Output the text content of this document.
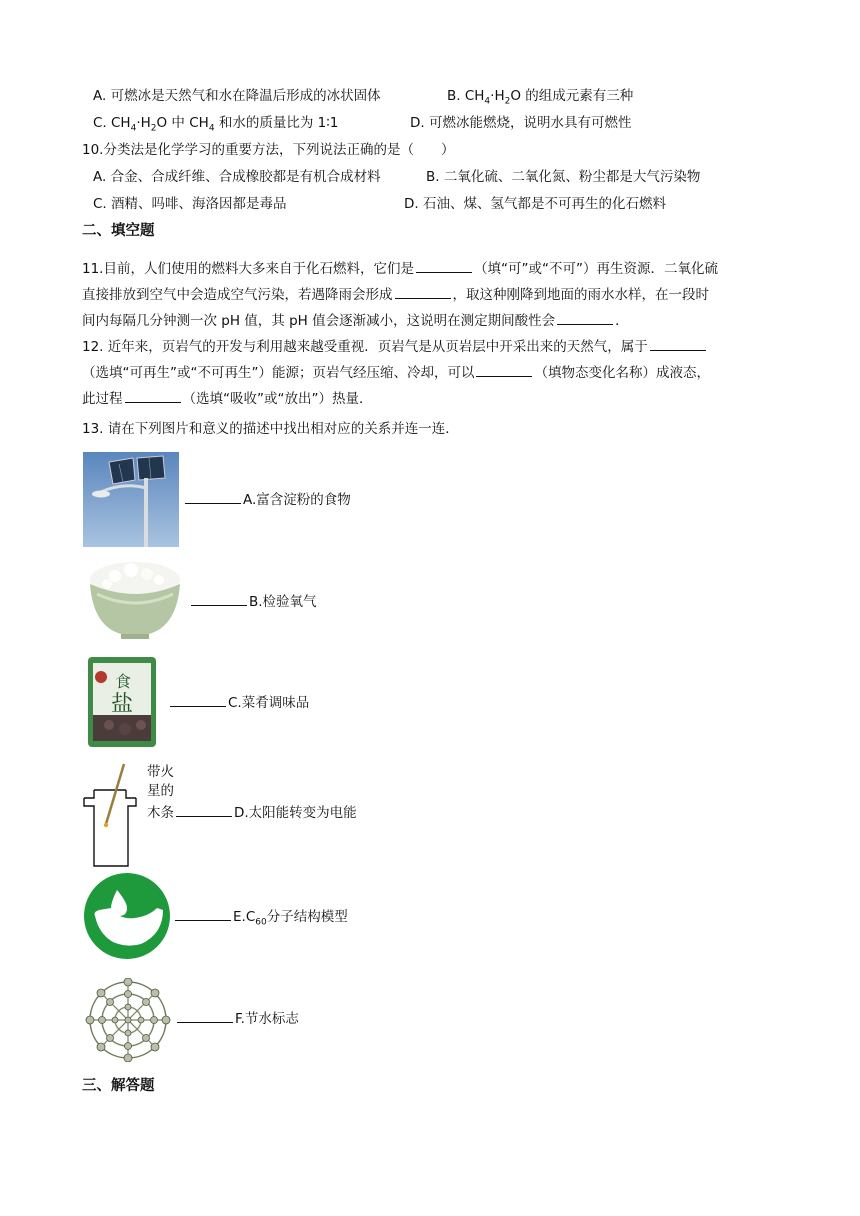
A. 可燃冰是天然气和水在降温后形成的冰状固体	B. $CH_4\cdot H_2O$ 的组成元素有三种
C. $CH_4\cdot H_2O$ 中 $CH_4$ 和水的质量比为 1∶1	D. 可燃冰能燃烧，说明水具有可燃性
10.分类法是化学学习的重要方法，下列说法正确的是（　　）
A. 合金、合成纤维、合成橡胶都是有机合成材料	B. 二氧化硫、二氧化氮、粉尘都是大气污染物
C. 酒精、吗啡、海洛因都是毒品	D. 石油、煤、氢气都是不可再生的化石燃料
二、填空题
11.目前，人们使用的燃料大多来自于化石燃料，它们是	（填“可”或“不可”）再生资源．二氧化硫
直接排放到空气中会造成空气污染，若遇降雨会形成	，取这种刚降到地面的雨水水样，在一段时
间内每隔几分钟测一次 pH 值，其 pH 值会逐渐减小，这说明在测定期间酸性会	．
12. 近年来，页岩气的开发与利用越来越受重视．页岩气是从页岩层中开采出来的天然气，属于
（选填“可再生”或“不可再生”）能源；页岩气经压缩、冷却，可以	（填物态变化名称）成液态，
此过程	（选填“吸收”或“放出”）热量．
13. 请在下列图片和意义的描述中找出相对应的关系并连一连．
A.富含淀粉的食物
B.检验氧气
食
盐	C.菜肴调味品
带火
星的
木条	D.太阳能转变为电能
$E.C_{60}$分子结构模型
F.节水标志
三、解答题
